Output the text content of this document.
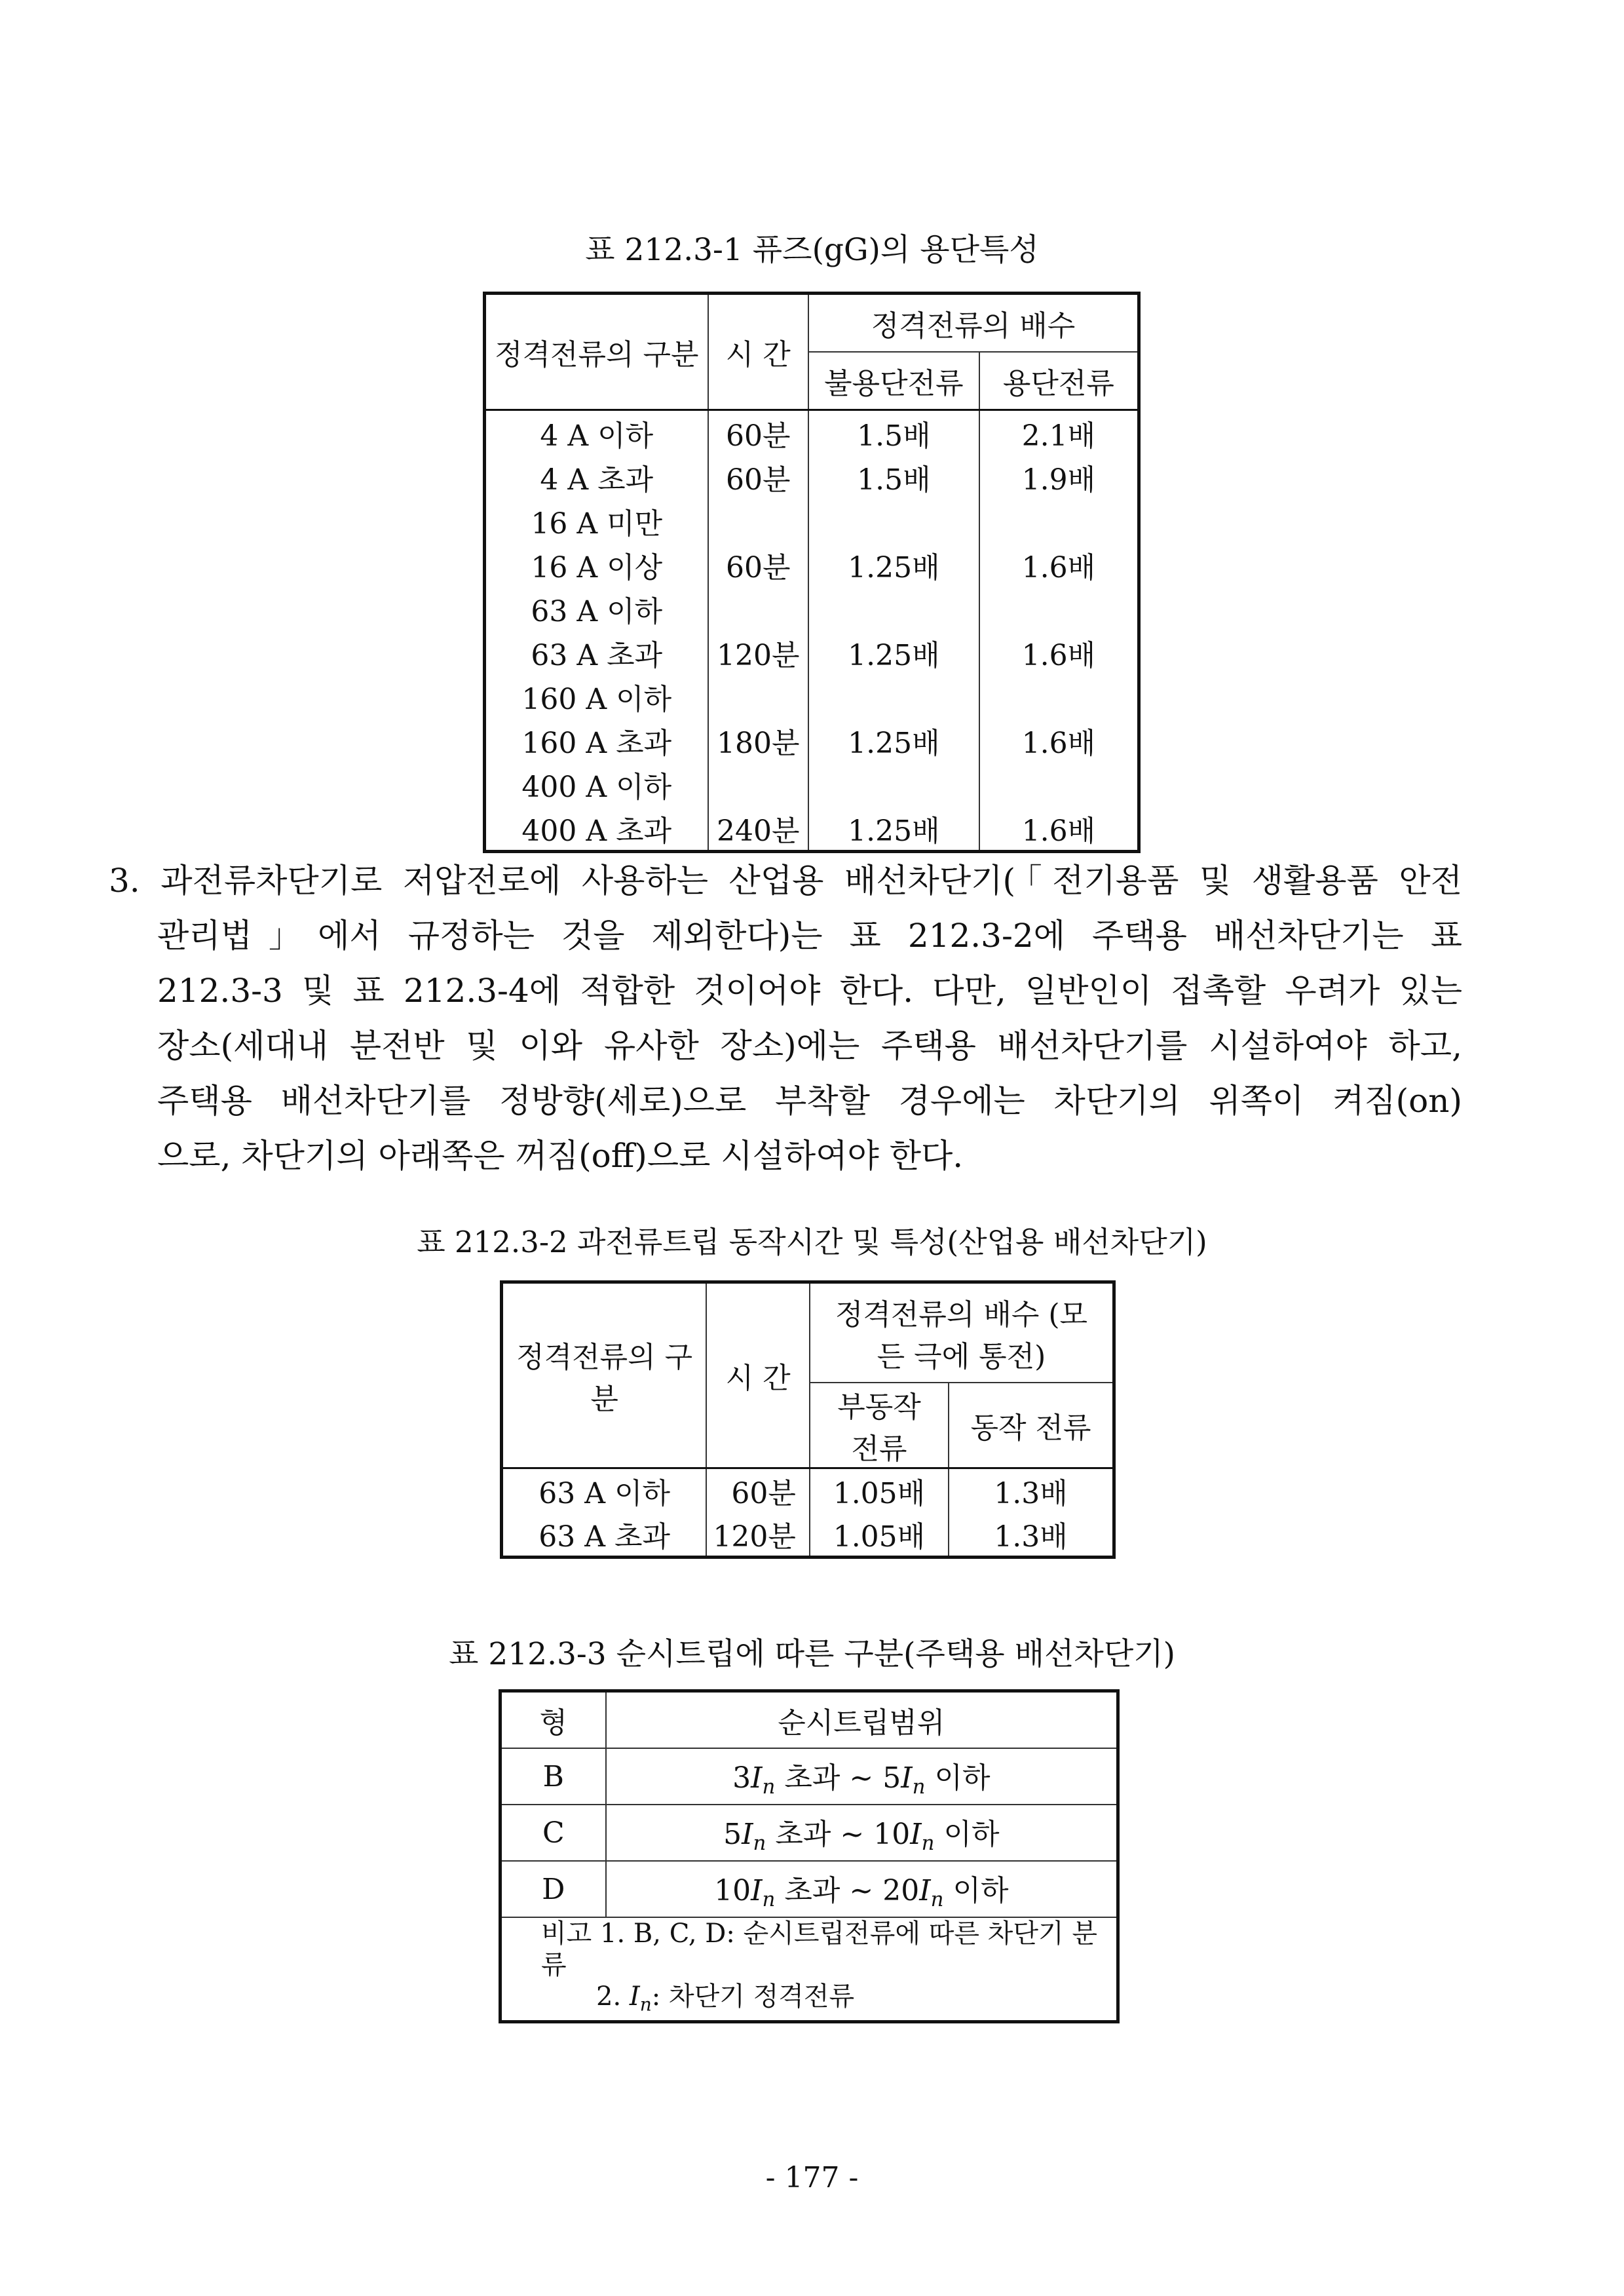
표 212.3-1 퓨즈(gG)의 용단특성
정격전류의 구분	시 간	정격전류의 배수	
		불용단전류	용단전류
4 A 이하	60분	1.5배	2.1배
4 A 초과	60분	1.5배	1.9배
16 A 미만			
16 A 이상	60분	1.25배	1.6배
63 A 이하			
63 A 초과	120분	1.25배	1.6배
160 A 이하			
160 A 초과	180분	1.25배	1.6배
400 A 이하			
400 A 초과	240분	1.25배	1.6배
3. 과전류차단기로 저압전로에 사용하는 산업용 배선차단기(「전기용품 및 생활용품 안전
관리법」에서 규정하는 것을 제외한다)는 표 212.3-2에 주택용 배선차단기는 표
212.3-3 및 표 212.3-4에 적합한 것이어야 한다. 다만, 일반인이 접촉할 우려가 있는
장소(세대내 분전반 및 이와 유사한 장소)에는 주택용 배선차단기를 시설하여야 하고,
주택용 배선차단기를 정방향(세로)으로 부착할 경우에는 차단기의 위쪽이 켜짐(on)
으로, 차단기의 아래쪽은 꺼짐(off)으로 시설하여야 한다.
표 212.3-2 과전류트립 동작시간 및 특성(산업용 배선차단기)
정격전류의 구분	시 간	정격전류의 배수 (모든 극에 통전)	
		부동작 전류	동작 전류
63 A 이하	60분	1.05배	1.3배
63 A 초과	120분	1.05배	1.3배
표 212.3-3 순시트립에 따른 구분(주택용 배선차단기)
형	순시트립범위
B	$3I_n$ 초과 ~ $5I_n$ 이하
C	$5I_n$ 초과 ~ $10I_n$ 이하
D	$10I_n$ 초과 ~ $20I_n$ 이하

비고 1. B, C, D: 순시트립전류에 따른 차단기 분류
2. $I_n$: 차단기 정격전류	
- 177 -
